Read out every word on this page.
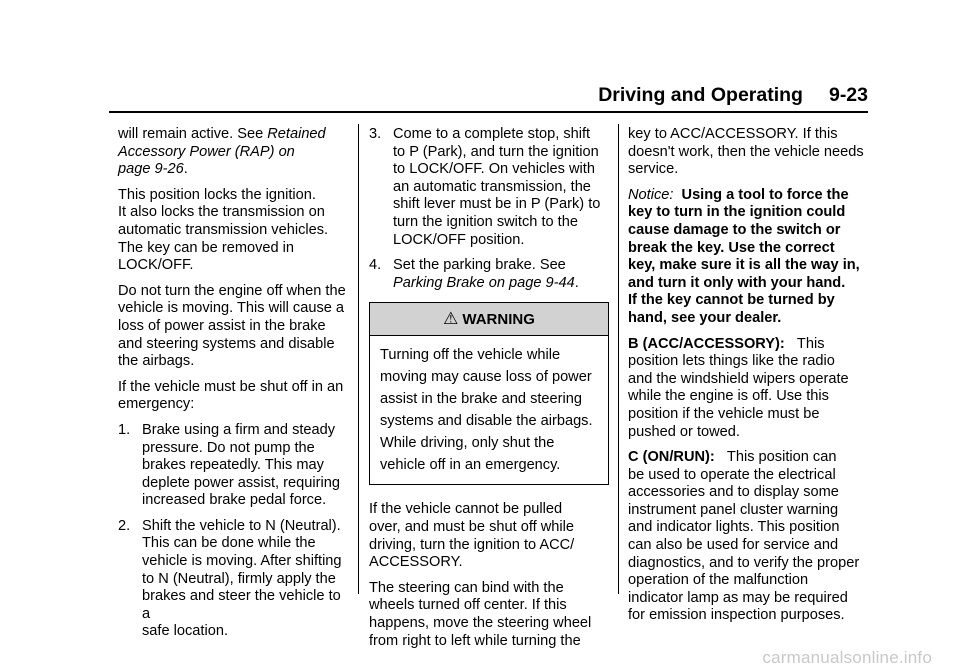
Driving and Operating 9-23

will remain active. See Retained
Accessory Power (RAP) on
page 9-26.

This position locks the ignition.
It also locks the transmission on
automatic transmission vehicles.
The key can be removed in
LOCK/OFF.

Do not turn the engine off when the
vehicle is moving. This will cause a
loss of power assist in the brake
and steering systems and disable
the airbags.

If the vehicle must be shut off in an
emergency:

1. Brake using a firm and steady
pressure. Do not pump the
brakes repeatedly. This may
deplete power assist, requiring
increased brake pedal force.
2. Shift the vehicle to N (Neutral).
This can be done while the
vehicle is moving. After shifting
to N (Neutral), firmly apply the
brakes and steer the vehicle to a
safe location.
3. Come to a complete stop, shift
to P (Park), and turn the ignition
to LOCK/OFF. On vehicles with
an automatic transmission, the
shift lever must be in P (Park) to
turn the ignition switch to the
LOCK/OFF position.
4. Set the parking brake. See
Parking Brake on page 9-44.
⚠ WARNING
Turning off the vehicle while
moving may cause loss of power
assist in the brake and steering
systems and disable the airbags.
While driving, only shut the
vehicle off in an emergency.

If the vehicle cannot be pulled
over, and must be shut off while
driving, turn the ignition to ACC/
ACCESSORY.

The steering can bind with the
wheels turned off center. If this
happens, move the steering wheel
from right to left while turning the

key to ACC/ACCESSORY. If this
doesn't work, then the vehicle needs
service.

Notice: Using a tool to force the
key to turn in the ignition could
cause damage to the switch or
break the key. Use the correct
key, make sure it is all the way in,
and turn it only with your hand.
If the key cannot be turned by
hand, see your dealer.

B (ACC/ACCESSORY): This
position lets things like the radio
and the windshield wipers operate
while the engine is off. Use this
position if the vehicle must be
pushed or towed.

C (ON/RUN): This position can
be used to operate the electrical
accessories and to display some
instrument panel cluster warning
and indicator lights. This position
can also be used for service and
diagnostics, and to verify the proper
operation of the malfunction
indicator lamp as may be required
for emission inspection purposes.

carmanualsonline.info
